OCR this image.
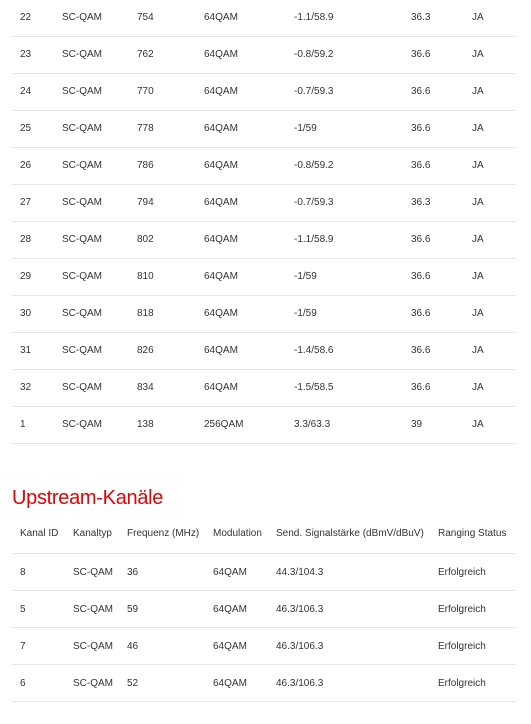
22	SC-QAM	754	64QAM	-1.1/58.9	36.3	JA
23	SC-QAM	762	64QAM	-0.8/59.2	36.6	JA
24	SC-QAM	770	64QAM	-0.7/59.3	36.6	JA
25	SC-QAM	778	64QAM	-1/59	36.6	JA
26	SC-QAM	786	64QAM	-0.8/59.2	36.6	JA
27	SC-QAM	794	64QAM	-0.7/59.3	36.3	JA
28	SC-QAM	802	64QAM	-1.1/58.9	36.6	JA
29	SC-QAM	810	64QAM	-1/59	36.6	JA
30	SC-QAM	818	64QAM	-1/59	36.6	JA
31	SC-QAM	826	64QAM	-1.4/58.6	36.6	JA
32	SC-QAM	834	64QAM	-1.5/58.5	36.6	JA
1	SC-QAM	138	256QAM	3.3/63.3	39	JA
Upstream-Kanäle
Kanal ID	Kanaltyp	Frequenz (MHz)	Modulation	Send. Signalstärke (dBmV/dBuV)	Ranging Status
8	SC-QAM	36	64QAM	44.3/104.3	Erfolgreich
5	SC-QAM	59	64QAM	46.3/106.3	Erfolgreich
7	SC-QAM	46	64QAM	46.3/106.3	Erfolgreich
6	SC-QAM	52	64QAM	46.3/106.3	Erfolgreich
